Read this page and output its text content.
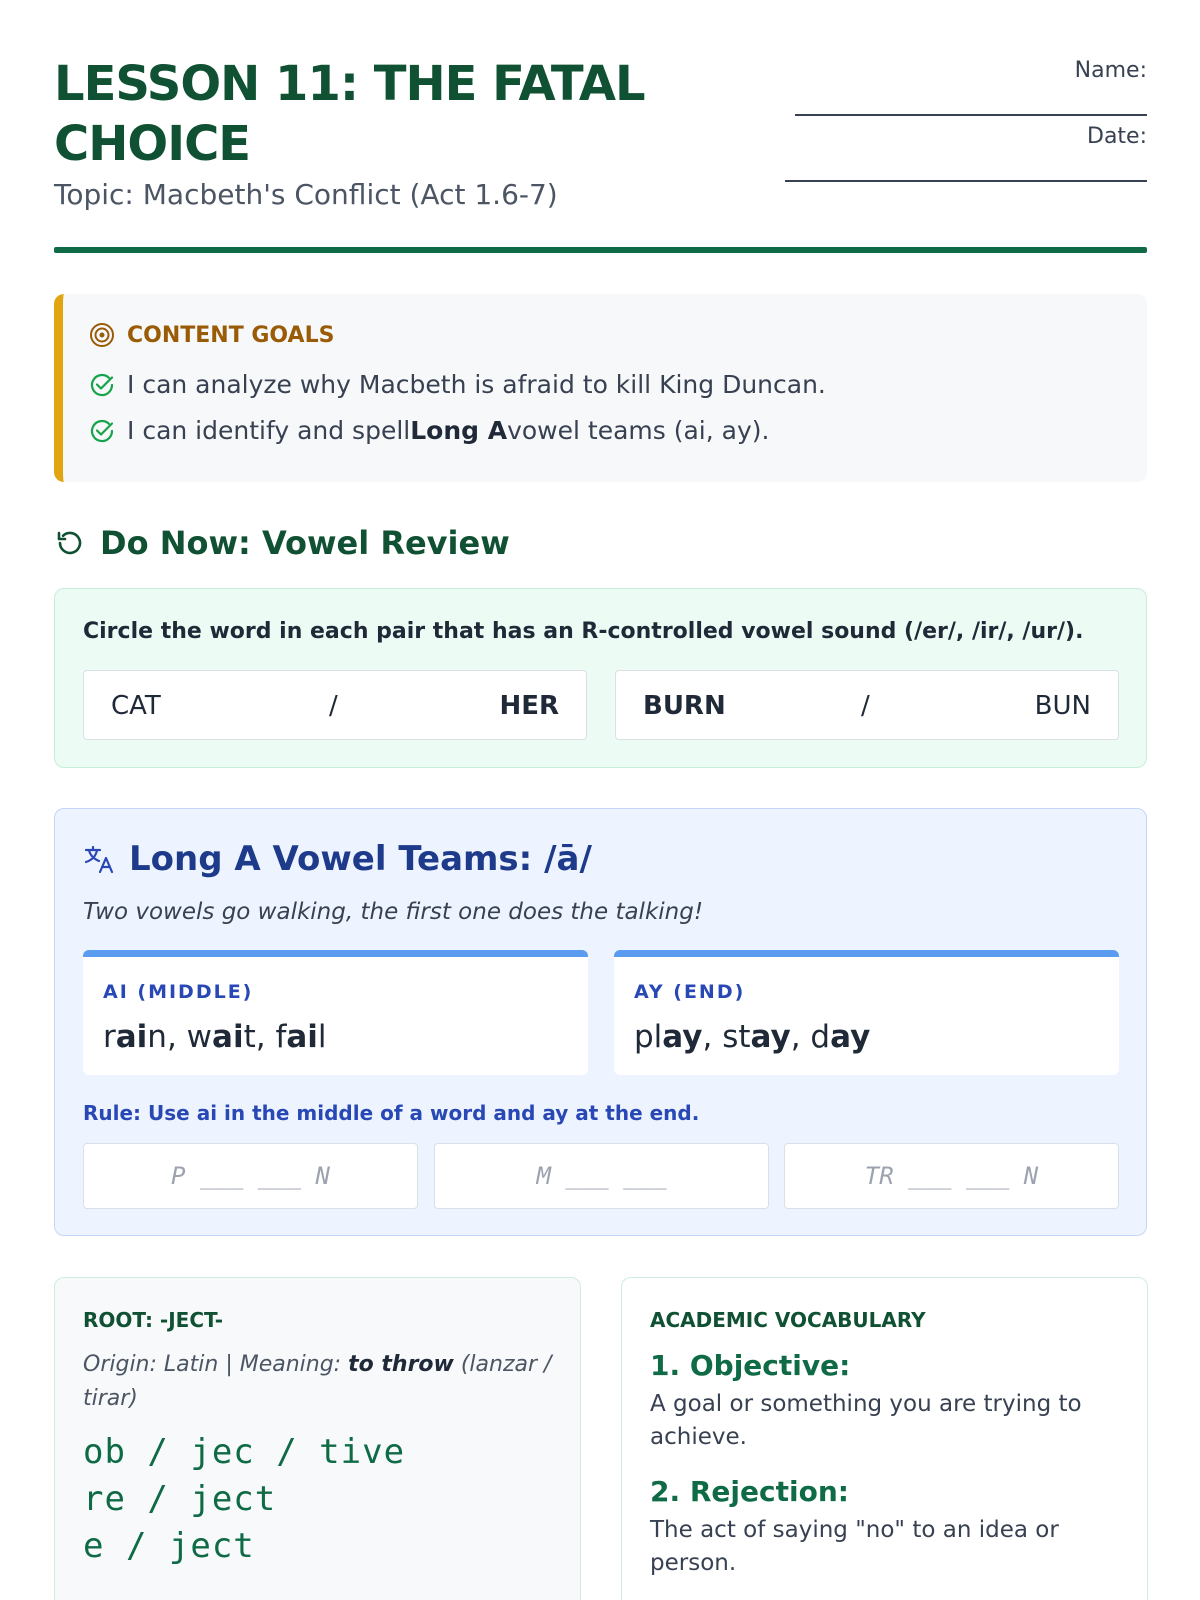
LESSON 11: THE FATAL CHOICE
Topic: Macbeth's Conflict (Act 1.6-7)
Name:
Date:
CONTENT GOALS
I can analyze why Macbeth is afraid to kill King Duncan.
I can identify and spellLong Avowel teams (ai, ay).
Do Now: Vowel Review
Circle the word in each pair that has an R-controlled vowel sound (/er/, /ir/, /ur/).
CAT	/	HER	BURN	/	BUN
Long A Vowel Teams: /ā/
Two vowels go walking, the first one does the talking!
AI (MIDDLE)
rain, wait, fail
AY (END)
play, stay, day
Rule: Use ai in the middle of a word and ay at the end.
P ___ ___ N	M ___ ___	TR ___ ___ N
ROOT: -JECT-
Origin: Latin | Meaning: to throw (lanzar / tirar)
ob / jec / tive
re / ject
e / ject
ACADEMIC VOCABULARY
1. Objective:
A goal or something you are trying to achieve.
2. Rejection:
The act of saying "no" to an idea or person.
